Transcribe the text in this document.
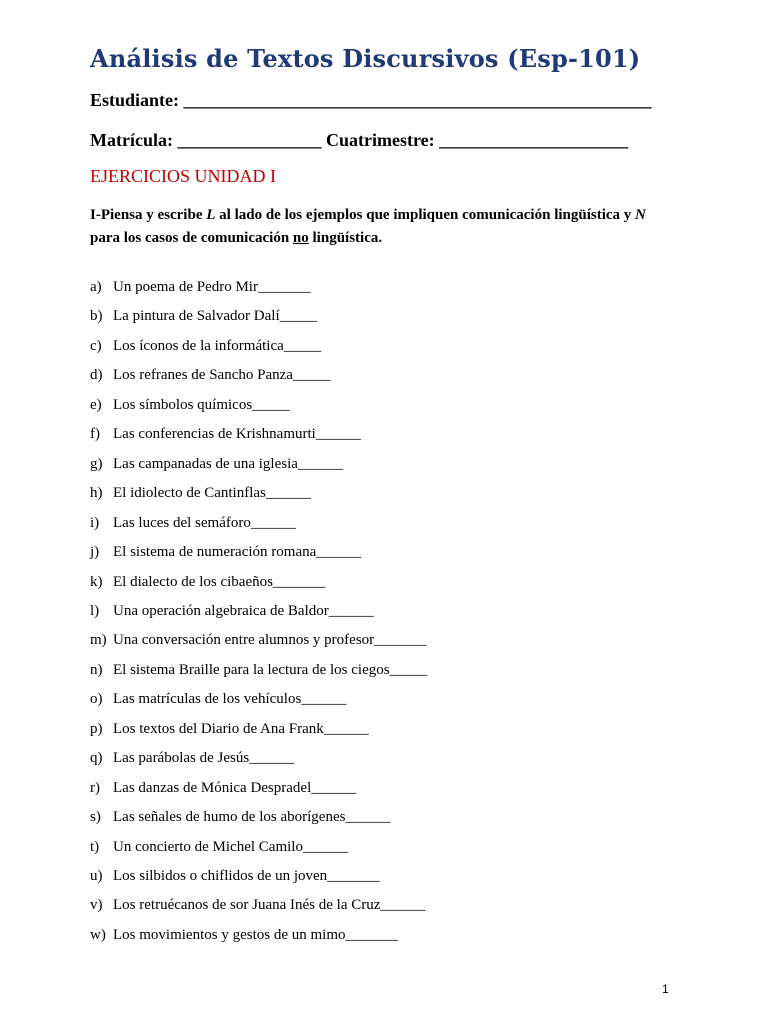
Análisis de Textos Discursivos (Esp-101)
Estudiante: ____________________________________________________
Matrícula: ________________ Cuatrimestre: _____________________
EJERCICIOS UNIDAD I
I-Piensa y escribe L al lado de los ejemplos que impliquen comunicación lingüística y N para los casos de comunicación no lingüística.
a) Un poema de Pedro Mir_______
b) La pintura de Salvador Dalí_____
c) Los íconos de la informática_____
d) Los refranes de Sancho Panza_____
e) Los símbolos químicos_____
f) Las conferencias de Krishnamurti______
g) Las campanadas de una iglesia______
h) El idiolecto de Cantinflas______
i) Las luces del semáforo______
j) El sistema de numeración romana______
k) El dialecto de los cibaeños_______
l) Una operación algebraica de Baldor______
m) Una conversación entre alumnos y profesor_______
n) El sistema Braille para la lectura de los ciegos_____
o) Las matrículas de los vehículos______
p) Los textos del Diario de Ana Frank______
q) Las parábolas de Jesús______
r) Las danzas de Mónica Despradel______
s) Las señales de humo de los aborígenes______
t) Un concierto de Michel Camilo______
u) Los silbidos o chiflidos de un joven_______
v) Los retruécanos de sor Juana Inés de la Cruz______
w) Los movimientos y gestos de un mimo_______
1
